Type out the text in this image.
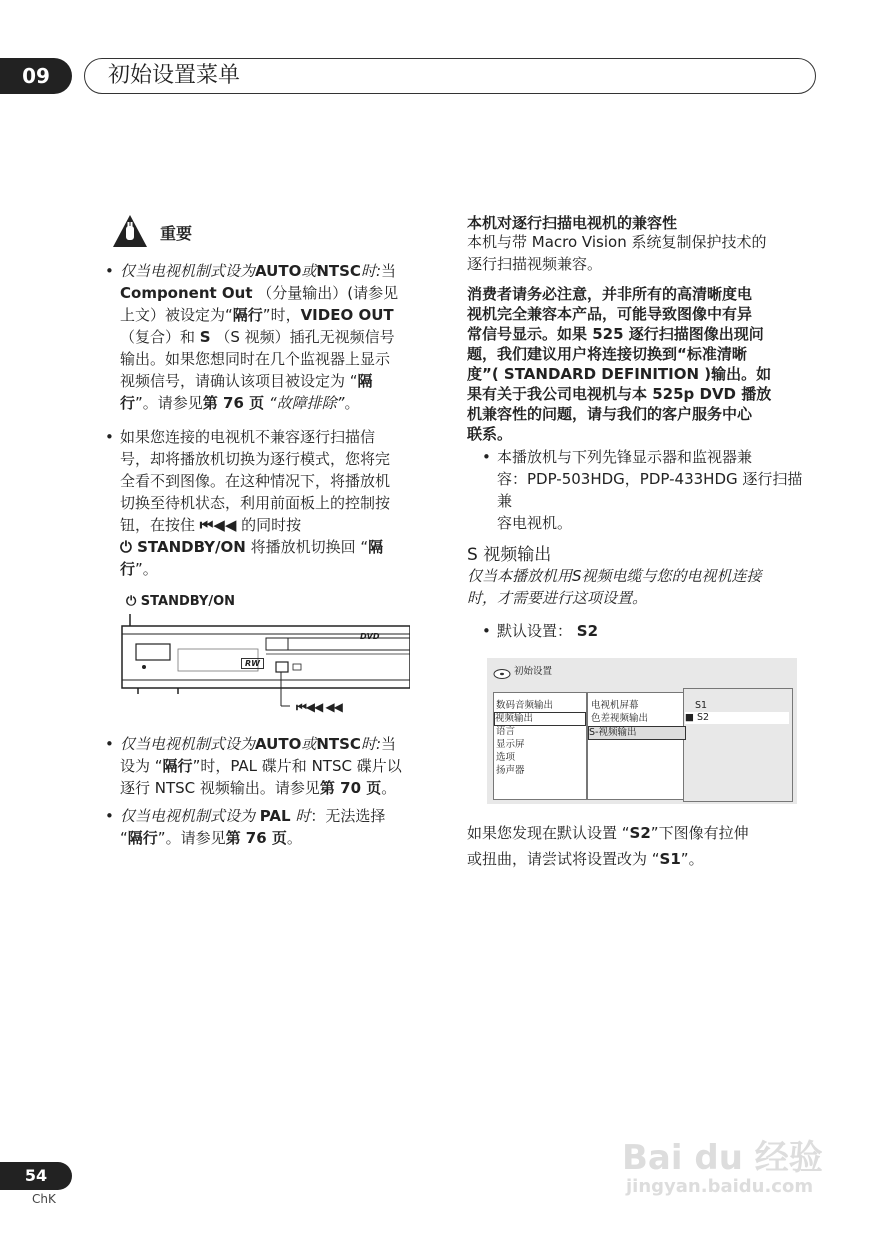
09	初始设置菜单
重要
• 仅当电视机制式设为AUTO或NTSC时:当
Component Out （分量输出）(请参见
上文）被设定为“隔行”时，VIDEO OUT
（复合）和 S （S 视频）插孔无视频信号
输出。如果您想同时在几个监视器上显示
视频信号，请确认该项目被设定为 “隔
行”。请参见第 76 页 “故障排除”。
• 如果您连接的电视机不兼容逐行扫描信
号，却将播放机切换为逐行模式，您将完
全看不到图像。在这种情况下，将播放机
切换至待机状态，利用前面板上的控制按
钮，在按住 ⏮◀◀ 的同时按
⏻ STANDBY/ON 将播放机切换回 “隔
行”。
⏻ STANDBY/ON
RW
DVD
⏮◀◀ ◀◀
• 仅当电视机制式设为AUTO或NTSC时:当
设为 “隔行”时，PAL 碟片和 NTSC 碟片以
逐行 NTSC 视频输出。请参见第 70 页。
• 仅当电视机制式设为 PAL 时：无法选择
“隔行”。请参见第 76 页。
本机对逐行扫描电视机的兼容性
本机与带 Macro Vision 系统复制保护技术的
逐行扫描视频兼容。
消费者请务必注意，并非所有的高清晰度电
视机完全兼容本产品，可能导致图像中有异
常信号显示。如果 525 逐行扫描图像出现问
题，我们建议用户将连接切换到“标准清晰
度”( STANDARD DEFINITION )输出。如
果有关于我公司电视机与本 525p DVD 播放
机兼容性的问题，请与我们的客户服务中心
联系。
• 本播放机与下列先锋显示器和监视器兼
容：PDP-503HDG，PDP-433HDG 逐行扫描兼
容电视机。
S 视频输出
仅当本播放机用S视频电缆与您的电视机连接
时，才需要进行这项设置。
• 默认设置： S2
初始设置
数码音频输出
视频输出
语言
显示屏
选项
扬声器
电视机屏幕
色差视频输出
S-视频输出
S1
■ S2
如果您发现在默认设置 “S2”下图像有拉伸
或扭曲，请尝试将设置改为 “S1”。
54
ChK
Bai du 经验
jingyan.baidu.com
